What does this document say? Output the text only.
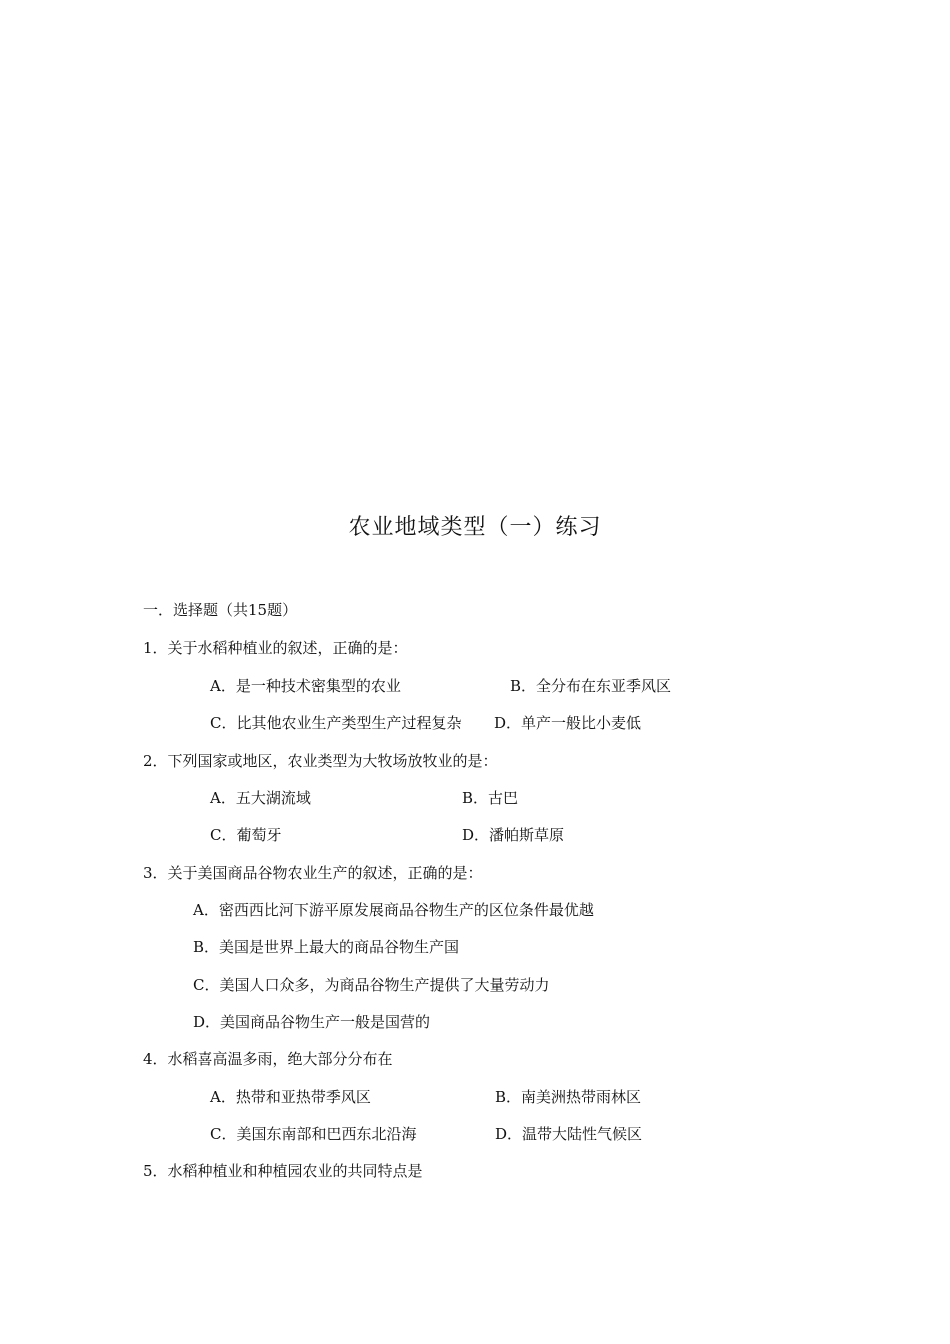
农业地域类型（一）练习
一．选择题（共15题）
1．关于水稻种植业的叙述，正确的是：
A．是一种技术密集型的农业	B．全分布在东亚季风区
C．比其他农业生产类型生产过程复杂 D．单产一般比小麦低
2．下列国家或地区，农业类型为大牧场放牧业的是：
A．五大湖流域	B．古巴
C．葡萄牙	D．潘帕斯草原
3．关于美国商品谷物农业生产的叙述，正确的是：
A．密西西比河下游平原发展商品谷物生产的区位条件最优越
B．美国是世界上最大的商品谷物生产国
C．美国人口众多，为商品谷物生产提供了大量劳动力
D．美国商品谷物生产一般是国营的
4．水稻喜高温多雨，绝大部分分布在
A．热带和亚热带季风区	B．南美洲热带雨林区
C．美国东南部和巴西东北沿海	D．温带大陆性气候区
5．水稻种植业和种植园农业的共同特点是
